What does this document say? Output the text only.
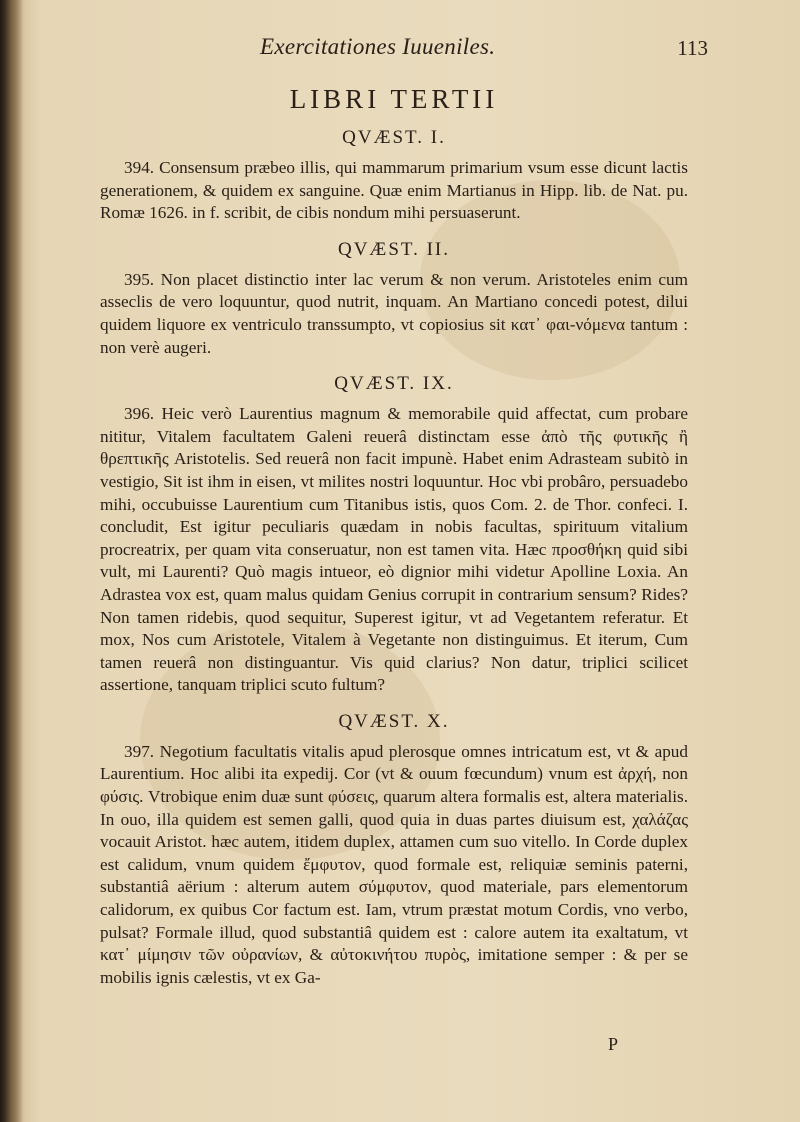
Exercitationes Iuueniles.	113
LIBRI TERTII
QVÆST. I.

394. Consensum præbeo illis, qui mammarum primarium vsum esse dicunt lactis generationem, & quidem ex sanguine. Quæ enim Martianus in Hipp. lib. de Nat. pu. Romæ 1626. in f. scribit, de cibis nondum mihi persuaserunt.

QVÆST. II.

395. Non placet distinctio inter lac verum & non verum. Aristoteles enim cum asseclis de vero loquuntur, quod nutrit, inquam. An Martiano concedi potest, dilui quidem liquore ex ventriculo transsumpto, vt copiosius sit κατ᾽ φαι-νόμενα tantum : non verè augeri.

QVÆST. IX.

396. Heic verò Laurentius magnum & memorabile quid affectat, cum probare nititur, Vitalem facultatem Galeni reuerâ distinctam esse ἀπὸ τῆς φυτικῆς ἢ θρεπτικῆς Aristotelis. Sed reuerâ non facit impunè. Habet enim Adrasteam subitò in vestigio, Sit ist ihm in eisen, vt milites nostri loquuntur. Hoc vbi probâro, persuadebo mihi, occubuisse Laurentium cum Titanibus istis, quos Com. 2. de Thor. confeci. I. concludit, Est igitur peculiaris quædam in nobis facultas, spirituum vitalium procreatrix, per quam vita conseruatur, non est tamen vita. Hæc προσθήκη quid sibi vult, mi Laurenti? Quò magis intueor, eò dignior mihi videtur Apolline Loxia. An Adrastea vox est, quam malus quidam Genius corrupit in contrarium sensum? Rides? Non tamen ridebis, quod sequitur, Superest igitur, vt ad Vegetantem referatur. Et mox, Nos cum Aristotele, Vitalem à Vegetante non distinguimus. Et iterum, Cum tamen reuerâ non distinguantur. Vis quid clarius? Non datur, triplici scilicet assertione, tanquam triplici scuto fultum?

QVÆST. X.

397. Negotium facultatis vitalis apud plerosque omnes intricatum est, vt & apud Laurentium. Hoc alibi ita expedij. Cor (vt & ouum fœcundum) vnum est ἀρχή, non φύσις. Vtrobique enim duæ sunt φύσεις, quarum altera formalis est, altera materialis. In ouo, illa quidem est semen galli, quod quia in duas partes diuisum est, χαλάζας vocauit Aristot. hæc autem, itidem duplex, attamen cum suo vitello. In Corde duplex est calidum, vnum quidem ἔμφυτον, quod formale est, reliquiæ seminis paterni, substantiâ aërium : alterum autem σύμφυτον, quod materiale, pars elementorum calidorum, ex quibus Cor factum est. Iam, vtrum præstat motum Cordis, vno verbo, pulsat? Formale illud, quod substantiâ quidem est : calore autem ita exaltatum, vt κατ᾽ μίμησιν τῶν οὐρανίων, & αὐτοκινήτου πυρὸς, imitatione semper : & per se mobilis ignis cælestis, vt ex Ga-

P
